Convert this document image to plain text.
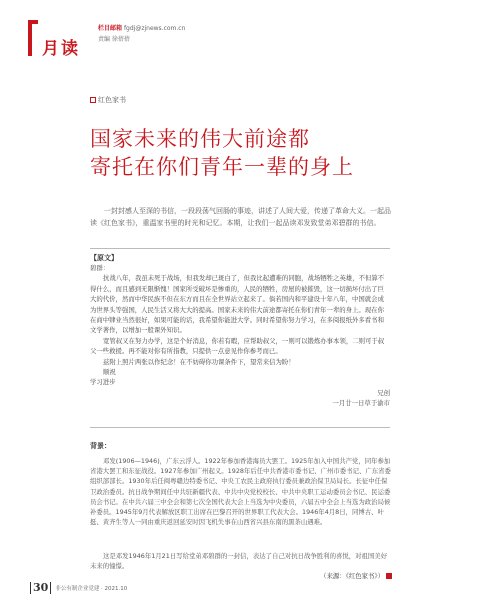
月读
栏目邮箱 fgdj@zjnews.com.cn
责编 徐蓓蓓
红色家书
国家未来的伟大前途都
寄托在你们青年一辈的身上

一封封感人至深的书信，一段段荡气回肠的事迹，讲述了人间大爱，传递了革命大义。一起品读《红色家书》，重温家书里的时光和记忆。本期，让我们一起品读邓发致堂弟邓碧群的书信。

【原文】

碧群：

抗战八年，我虽未死于战场，但我发却已斑白了，但我比起遭难的同胞，战场牺牲之英雄，不但算不得什么，而且感到无限惭愧！国家所受破坏是惨重的，人民的牺牲，房屋的被摧毁，这一切损坏付出了巨大的代价，然而中华民族不但在东方而且在全世界站立起来了。倘若国内和平建设十年八年，中国就会成为世界头等强国，人民生活又将大大的提高。国家未来的伟大前途都寄托在你们青年一辈的身上。现在你在商中肄业当然很好，如果可能的话，我希望你能进大学。同时希望你努力学习，在多阅报纸外多看书和文学著作，以增加一般课外知识。

宽管叔又在努力办学，这是个好消息，你若有暇，应帮助叔父，一则可以锻炼办事本领，二则可于叔父一些救援。再不能对你有所指教，只提供一点意见作你参考而已。

兹附上照片两张以作纪念！在不妨碍你功课条件下，望常来信为盼！

顺祝

学习进步

兄创

一月廿一日草于渝市

背景：

邓发(1906—1946)，广东云浮人。1922年参加香港海员大罢工。1925年加入中国共产党，同年参加省港大罢工和东征战役。1927年参加广州起义。1928年后任中共香港市委书记、广州市委书记、广东省委组织部部长。1930年后任闽粤赣边特委书记、中央工农民主政府执行委员兼政治保卫局局长。长征中任保卫政治委员。抗日战争期间任中共驻新疆代表、中共中央党校校长、中共中央职工运动委员会书记、民运委员会书记。在中共六届三中全会和第七次全国代表大会上当选为中央委员，六届五中全会上当选为政治局候补委员。1945年9月代表解放区职工出席在巴黎召开的世界职工代表大会。1946年4月8日，同博古、叶挺、黄齐生等人一同由重庆返回延安时因飞机失事在山西省兴县东南的黑茶山遇难。

这是邓发1946年1月21日写给堂弟邓碧群的一封信，表达了自己对抗日战争胜利的喜悦，对祖国美好未来的憧憬。
（来源：《红色家书》）
30	非公有制企业党建 · 2021.10
